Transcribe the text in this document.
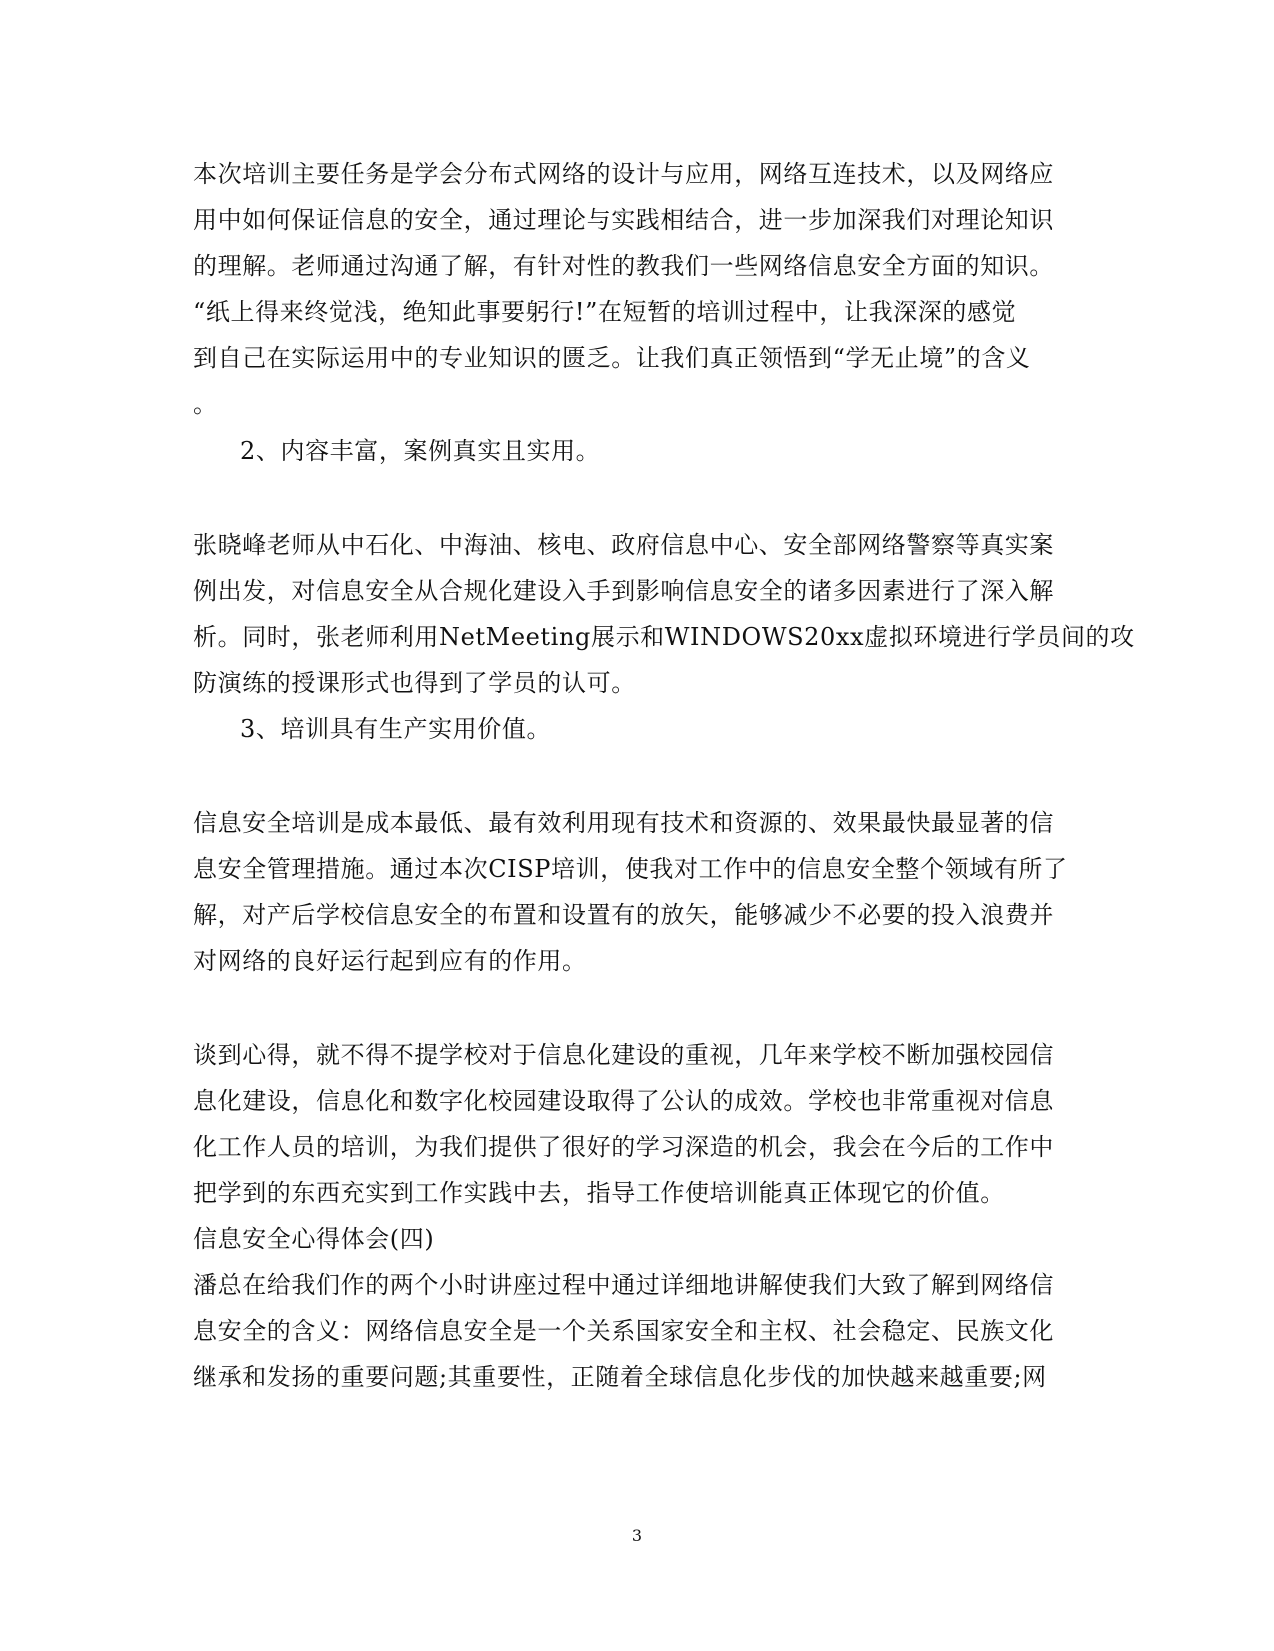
本次培训主要任务是学会分布式网络的设计与应用，网络互连技术，以及网络应
用中如何保证信息的安全，通过理论与实践相结合，进一步加深我们对理论知识
的理解。老师通过沟通了解，有针对性的教我们一些网络信息安全方面的知识。
“纸上得来终觉浅，绝知此事要躬行!”在短暂的培训过程中，让我深深的感觉
到自己在实际运用中的专业知识的匮乏。让我们真正领悟到“学无止境”的含义
。
2、内容丰富，案例真实且实用。
张晓峰老师从中石化、中海油、核电、政府信息中心、安全部网络警察等真实案
例出发，对信息安全从合规化建设入手到影响信息安全的诸多因素进行了深入解
析。同时，张老师利用NetMeeting展示和WINDOWS20xx虚拟环境进行学员间的攻
防演练的授课形式也得到了学员的认可。
3、培训具有生产实用价值。
信息安全培训是成本最低、最有效利用现有技术和资源的、效果最快最显著的信
息安全管理措施。通过本次CISP培训，使我对工作中的信息安全整个领域有所了
解，对产后学校信息安全的布置和设置有的放矢，能够减少不必要的投入浪费并
对网络的良好运行起到应有的作用。
谈到心得，就不得不提学校对于信息化建设的重视，几年来学校不断加强校园信
息化建设，信息化和数字化校园建设取得了公认的成效。学校也非常重视对信息
化工作人员的培训，为我们提供了很好的学习深造的机会，我会在今后的工作中
把学到的东西充实到工作实践中去，指导工作使培训能真正体现它的价值。
信息安全心得体会(四)
潘总在给我们作的两个小时讲座过程中通过详细地讲解使我们大致了解到网络信
息安全的含义：网络信息安全是一个关系国家安全和主权、社会稳定、民族文化
继承和发扬的重要问题;其重要性，正随着全球信息化步伐的加快越来越重要;网
3
